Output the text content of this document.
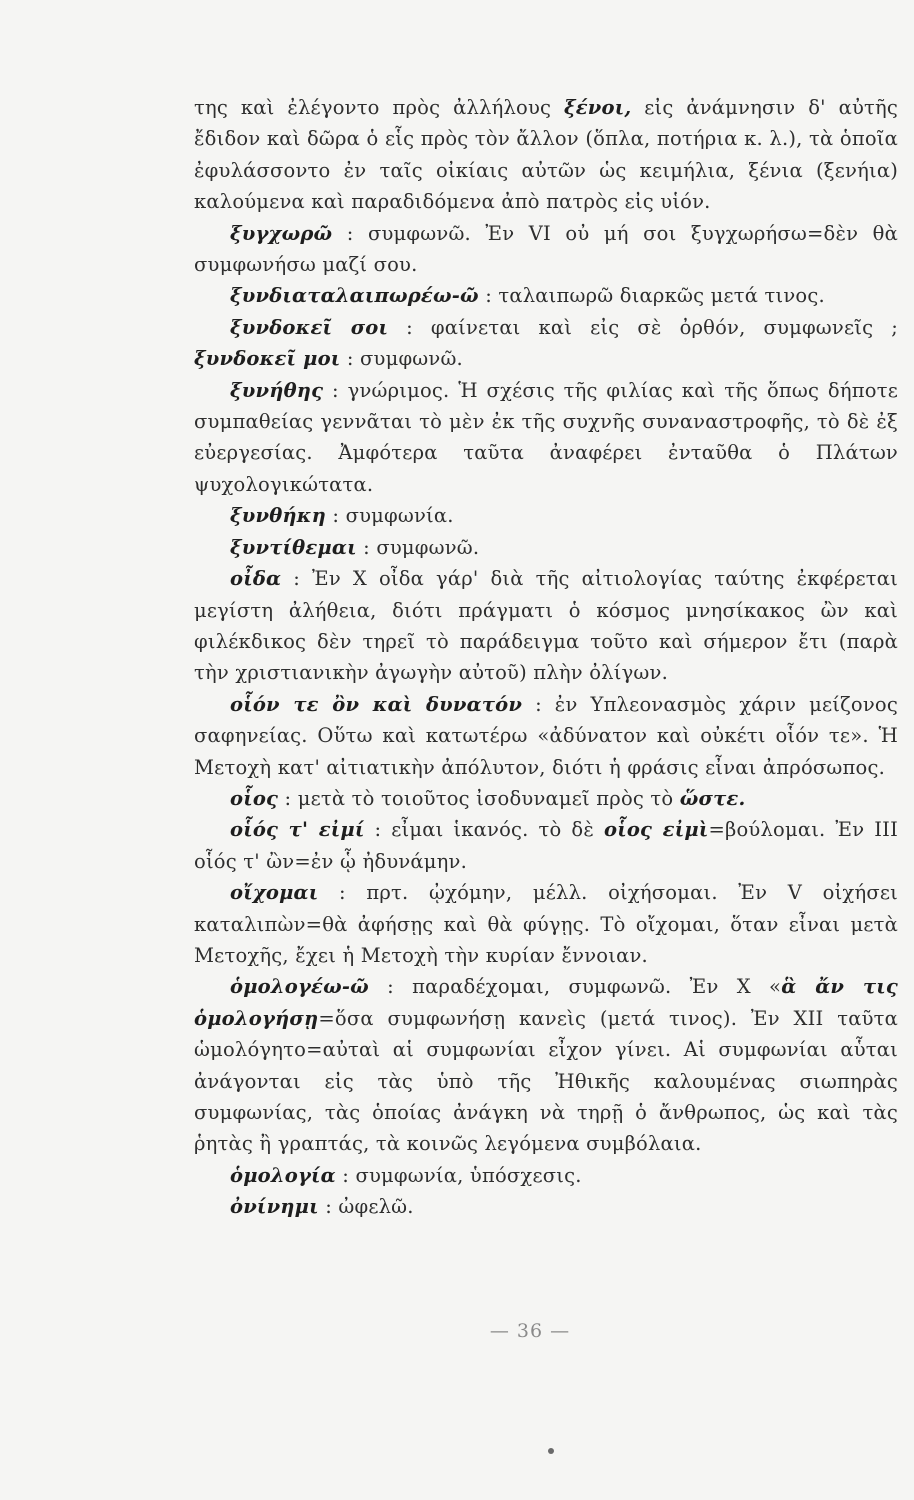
της καὶ ἐλέγοντο πρὸς ἀλλήλους ξένοι, εἰς ἀνάμνησιν δ' αὐτῆς ἔδιδον καὶ δῶρα ὁ εἷς πρὸς τὸν ἄλλον (ὅπλα, ποτήρια κ. λ.), τὰ ὁποῖα ἐφυλάσσοντο ἐν ταῖς οἰκίαις αὐτῶν ὡς κειμήλια, ξένια (ξενήια) καλούμενα καὶ παραδιδόμενα ἀπὸ πατρὸς εἰς υἱόν.

ξυγχωρῶ : συμφωνῶ. Ἐν VI οὐ μή σοι ξυγχωρήσω=δὲν θὰ συμφωνήσω μαζί σου.

ξυνδιαταλαιπωρέω-ῶ : ταλαιπωρῶ διαρκῶς μετά τινος.

ξυνδοκεῖ σοι : φαίνεται καὶ εἰς σὲ ὀρθόν, συμφωνεῖς ; ξυνδοκεῖ μοι : συμφωνῶ.

ξυνήθης : γνώριμος. Ἡ σχέσις τῆς φιλίας καὶ τῆς ὅπως δήποτε συμπαθείας γεννᾶται τὸ μὲν ἐκ τῆς συχνῆς συναναστροφῆς, τὸ δὲ ἐξ εὐεργεσίας. Ἀμφότερα ταῦτα ἀναφέρει ἐνταῦθα ὁ Πλάτων ψυχολογικώτατα.

ξυνθήκη : συμφωνία.

ξυντίθεμαι : συμφωνῶ.

οἶδα : Ἐν X οἶδα γάρ' διὰ τῆς αἰτιολογίας ταύτης ἐκφέρεται μεγίστη ἀλήθεια, διότι πράγματι ὁ κόσμος μνησίκακος ὢν καὶ φιλέκδικος δὲν τηρεῖ τὸ παράδειγμα τοῦτο καὶ σήμερον ἔτι (παρὰ τὴν χριστιανικὴν ἀγωγὴν αὐτοῦ) πλὴν ὀλίγων.

οἷόν τε ὂν καὶ δυνατόν : ἐν Υπλεονασμὸς χάριν μείζονος σαφηνείας. Οὕτω καὶ κατωτέρω «ἀδύνατον καὶ οὐκέτι οἷόν τε». Ἡ Μετοχὴ κατ' αἰτιατικὴν ἀπόλυτον, διότι ἡ φράσις εἶναι ἀπρόσωπος.

οἷος : μετὰ τὸ τοιοῦτος ἰσοδυναμεῖ πρὸς τὸ ὥστε.

οἷός τ' εἰμί : εἶμαι ἱκανός. τὸ δὲ οἷος εἰμὶ=βούλομαι. Ἐν III οἷός τ' ὢν=ἐν ᾧ ἠδυνάμην.

οἴχομαι : πρτ. ᾠχόμην, μέλλ. οἰχήσομαι. Ἐν V οἰχήσει καταλιπὼν=θὰ ἀφήσῃς καὶ θὰ φύγῃς. Τὸ οἴχομαι, ὅταν εἶναι μετὰ Μετοχῆς, ἔχει ἡ Μετοχὴ τὴν κυρίαν ἔννοιαν.

ὁμολογέω-ῶ : παραδέχομαι, συμφωνῶ. Ἐν X «ἃ ἄν τις ὁμολογήσῃ=ὅσα συμφωνήσῃ κανεὶς (μετά τινος). Ἐν XII ταῦτα ὡμολόγητο=αὐταὶ αἱ συμφωνίαι εἶχον γίνει. Αἱ συμφωνίαι αὗται ἀνάγονται εἰς τὰς ὑπὸ τῆς Ἠθικῆς καλουμένας σιωπηρὰς συμφωνίας, τὰς ὁποίας ἀνάγκη νὰ τηρῇ ὁ ἄνθρωπος, ὡς καὶ τὰς ῥητὰς ἢ γραπτάς, τὰ κοινῶς λεγόμενα συμβόλαια.

ὁμολογία : συμφωνία, ὑπόσχεσις.

ὀνίνημι : ὠφελῶ.

— 36 —
